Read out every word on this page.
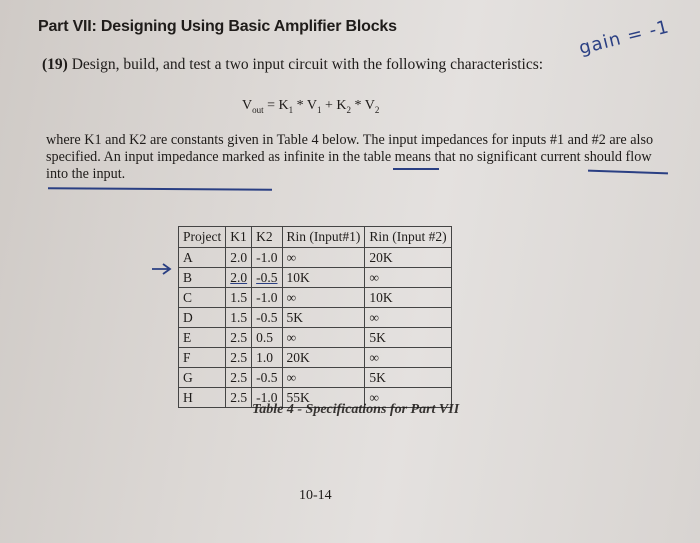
Part VII: Designing Using Basic Amplifier Blocks
(19) Design, build, and test a two input circuit with the following characteristics:
gain = -1
$V_{out} = K_1 * V_1 + K_2 * V_2$

where K1 and K2 are constants given in Table 4 below. The input impedances for inputs #1 and #2 are also specified. An input impedance marked as infinite in the table means that no significant current should flow into the input.

Project	K1	K2	Rin (Input#1)	Rin (Input #2)
A	2.0	-1.0	∞	20K
B	2.0	-0.5	10K	∞
C	1.5	-1.0	∞	10K
D	1.5	-0.5	5K	∞
E	2.5	0.5	∞	5K
F	2.5	1.0	20K	∞
G	2.5	-0.5	∞	5K
H	2.5	-1.0	55K	∞
Table 4 - Specifications for Part VII
10-14
